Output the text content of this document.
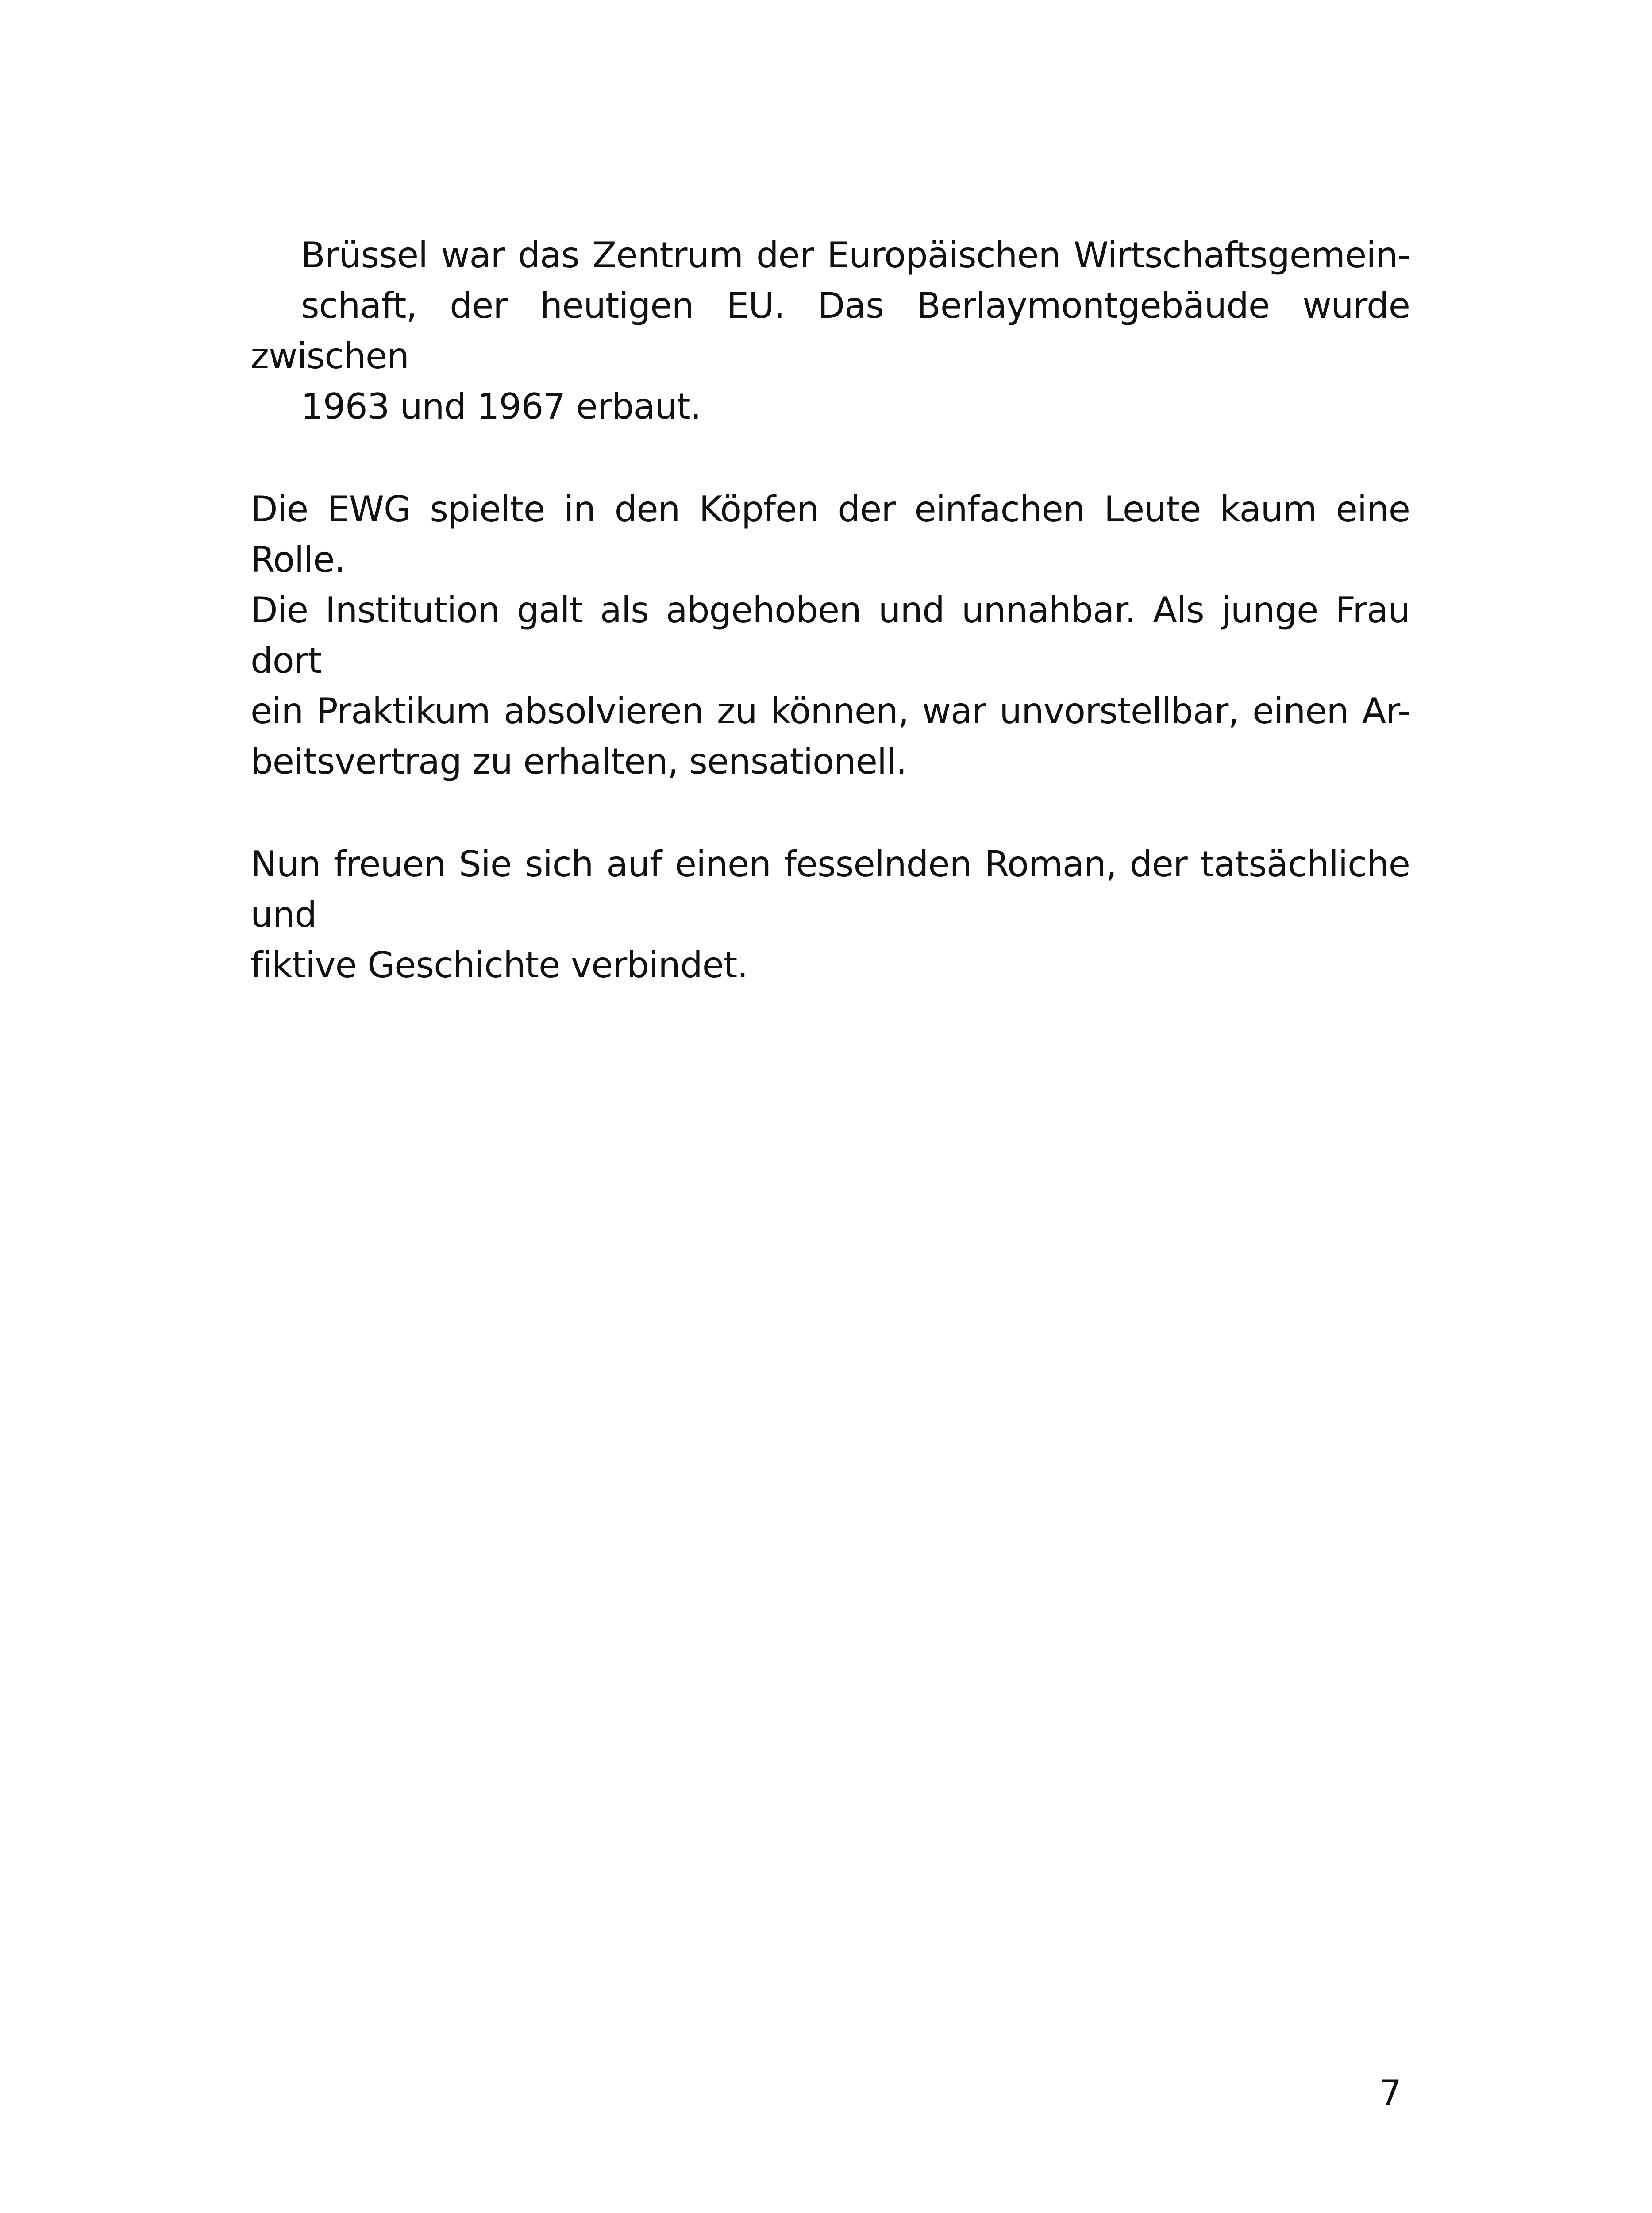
Brüssel war das Zentrum der Europäischen Wirtschaftsgemein-
schaft, der heutigen EU. Das Berlaymontgebäude wurde zwischen
1963 und 1967 erbaut.

Die EWG spielte in den Köpfen der einfachen Leute kaum eine Rolle.
Die Institution galt als abgehoben und unnahbar. Als junge Frau dort
ein Praktikum absolvieren zu können, war unvorstellbar, einen Ar-
beitsvertrag zu erhalten, sensationell.

Nun freuen Sie sich auf einen fesselnden Roman, der tatsächliche und
fiktive Geschichte verbindet.

7
